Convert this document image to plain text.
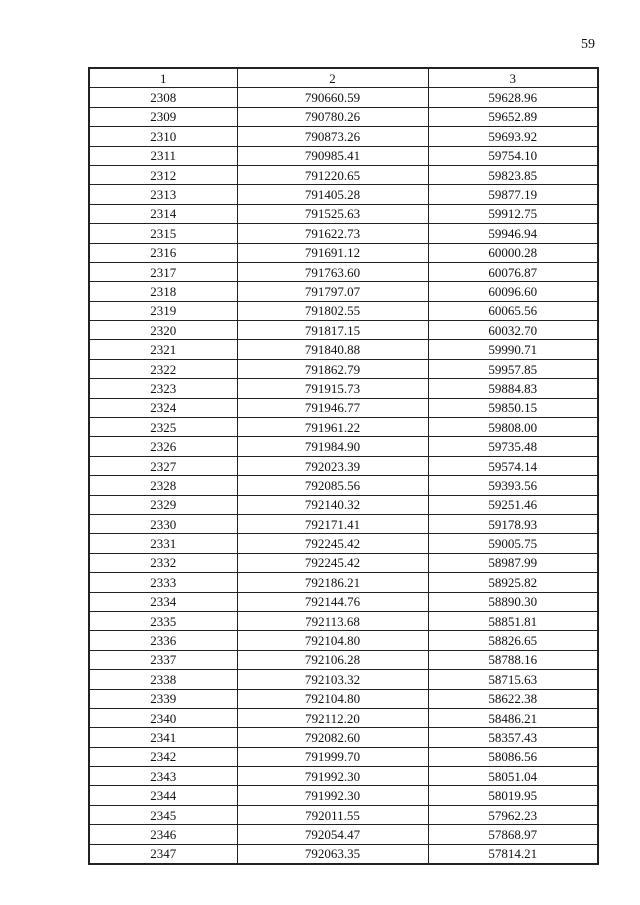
59
1	2	3
2308	790660.59	59628.96
2309	790780.26	59652.89
2310	790873.26	59693.92
2311	790985.41	59754.10
2312	791220.65	59823.85
2313	791405.28	59877.19
2314	791525.63	59912.75
2315	791622.73	59946.94
2316	791691.12	60000.28
2317	791763.60	60076.87
2318	791797.07	60096.60
2319	791802.55	60065.56
2320	791817.15	60032.70
2321	791840.88	59990.71
2322	791862.79	59957.85
2323	791915.73	59884.83
2324	791946.77	59850.15
2325	791961.22	59808.00
2326	791984.90	59735.48
2327	792023.39	59574.14
2328	792085.56	59393.56
2329	792140.32	59251.46
2330	792171.41	59178.93
2331	792245.42	59005.75
2332	792245.42	58987.99
2333	792186.21	58925.82
2334	792144.76	58890.30
2335	792113.68	58851.81
2336	792104.80	58826.65
2337	792106.28	58788.16
2338	792103.32	58715.63
2339	792104.80	58622.38
2340	792112.20	58486.21
2341	792082.60	58357.43
2342	791999.70	58086.56
2343	791992.30	58051.04
2344	791992.30	58019.95
2345	792011.55	57962.23
2346	792054.47	57868.97
2347	792063.35	57814.21
